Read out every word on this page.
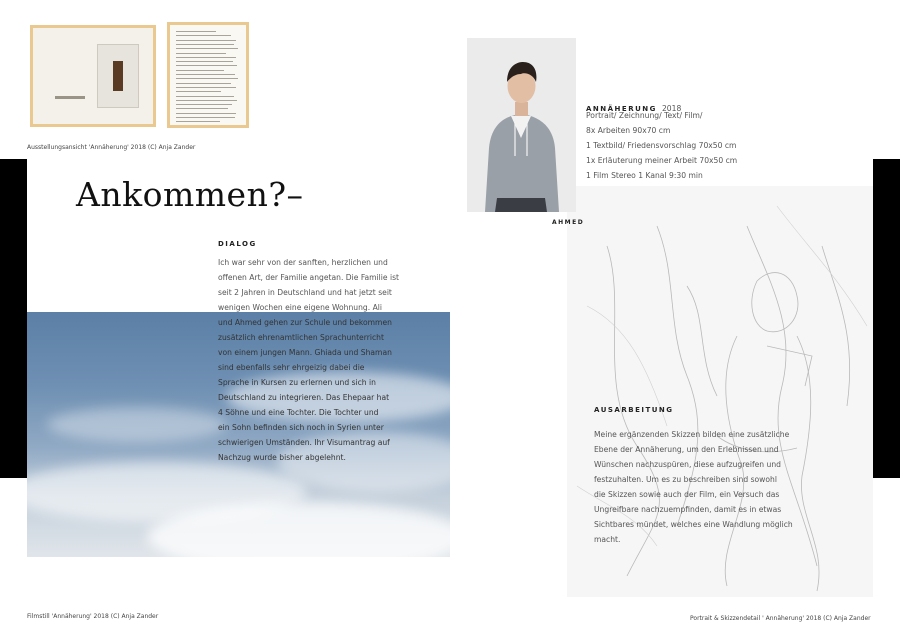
Ausstellungsansicht 'Annäherung' 2018 (C) Anja Zander
Ankommen?–
DIALOG
Ich war sehr von der sanften, herzlichen und
offenen Art, der Familie angetan. Die Familie ist
seit 2 Jahren in Deutschland und hat jetzt seit
wenigen Wochen eine eigene Wohnung. Ali
und Ahmed gehen zur Schule und bekommen
zusätzlich ehrenamtlichen Sprachunterricht
von einem jungen Mann. Ghiada und Shaman
sind ebenfalls sehr ehrgeizig dabei die
Sprache in Kursen zu erlernen und sich in
Deutschland zu integrieren. Das Ehepaar hat
4 Söhne und eine Tochter. Die Tochter und
ein Sohn befinden sich noch in Syrien unter
schwierigen Umständen. Ihr Visumantrag auf
Nachzug wurde bisher abgelehnt.
AHMED
ANNÄHERUNG 2018
Portrait/ Zeichnung/ Text/ Film/
8x Arbeiten 90x70 cm
1 Textbild/ Friedensvorschlag 70x50 cm
1x Erläuterung meiner Arbeit 70x50 cm
1 Film Stereo 1 Kanal 9:30 min
AUSARBEITUNG
Meine ergänzenden Skizzen bilden eine zusätzliche
Ebene der Annäherung, um den Erlebnissen und
Wünschen nachzuspüren, diese aufzugreifen und
festzuhalten. Um es zu beschreiben sind sowohl
die Skizzen sowie auch der Film, ein Versuch das
Ungreifbare nachzuempfinden, damit es in etwas
Sichtbares mündet, welches eine Wandlung möglich
macht.
Filmstill 'Annäherung' 2018 (C) Anja Zander	Portrait & Skizzendetail ' Annäherung' 2018 (C) Anja Zander
